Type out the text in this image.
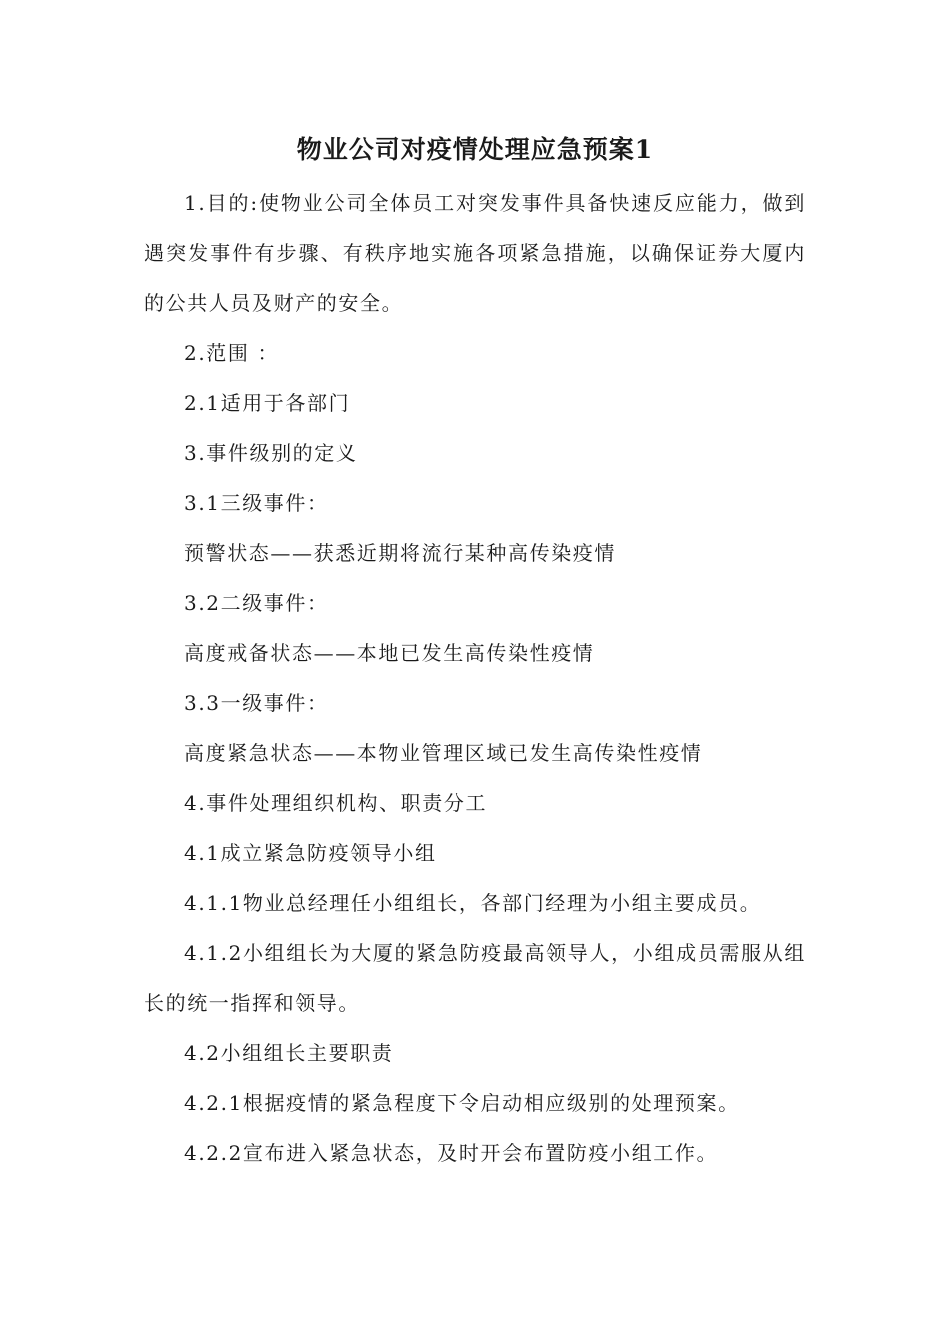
物业公司对疫情处理应急预案1

1.目的:使物业公司全体员工对突发事件具备快速反应能力，做到遇突发事件有步骤、有秩序地实施各项紧急措施，以确保证券大厦内的公共人员及财产的安全。

2.范围 ：

2.1适用于各部门

3.事件级别的定义

3.1三级事件：

预警状态——获悉近期将流行某种高传染疫情

3.2二级事件：

高度戒备状态——本地已发生高传染性疫情

3.3一级事件：

高度紧急状态——本物业管理区域已发生高传染性疫情

4.事件处理组织机构、职责分工

4.1成立紧急防疫领导小组

4.1.1物业总经理任小组组长，各部门经理为小组主要成员。

4.1.2小组组长为大厦的紧急防疫最高领导人，小组成员需服从组长的统一指挥和领导。

4.2小组组长主要职责

4.2.1根据疫情的紧急程度下令启动相应级别的处理预案。

4.2.2宣布进入紧急状态，及时开会布置防疫小组工作。
